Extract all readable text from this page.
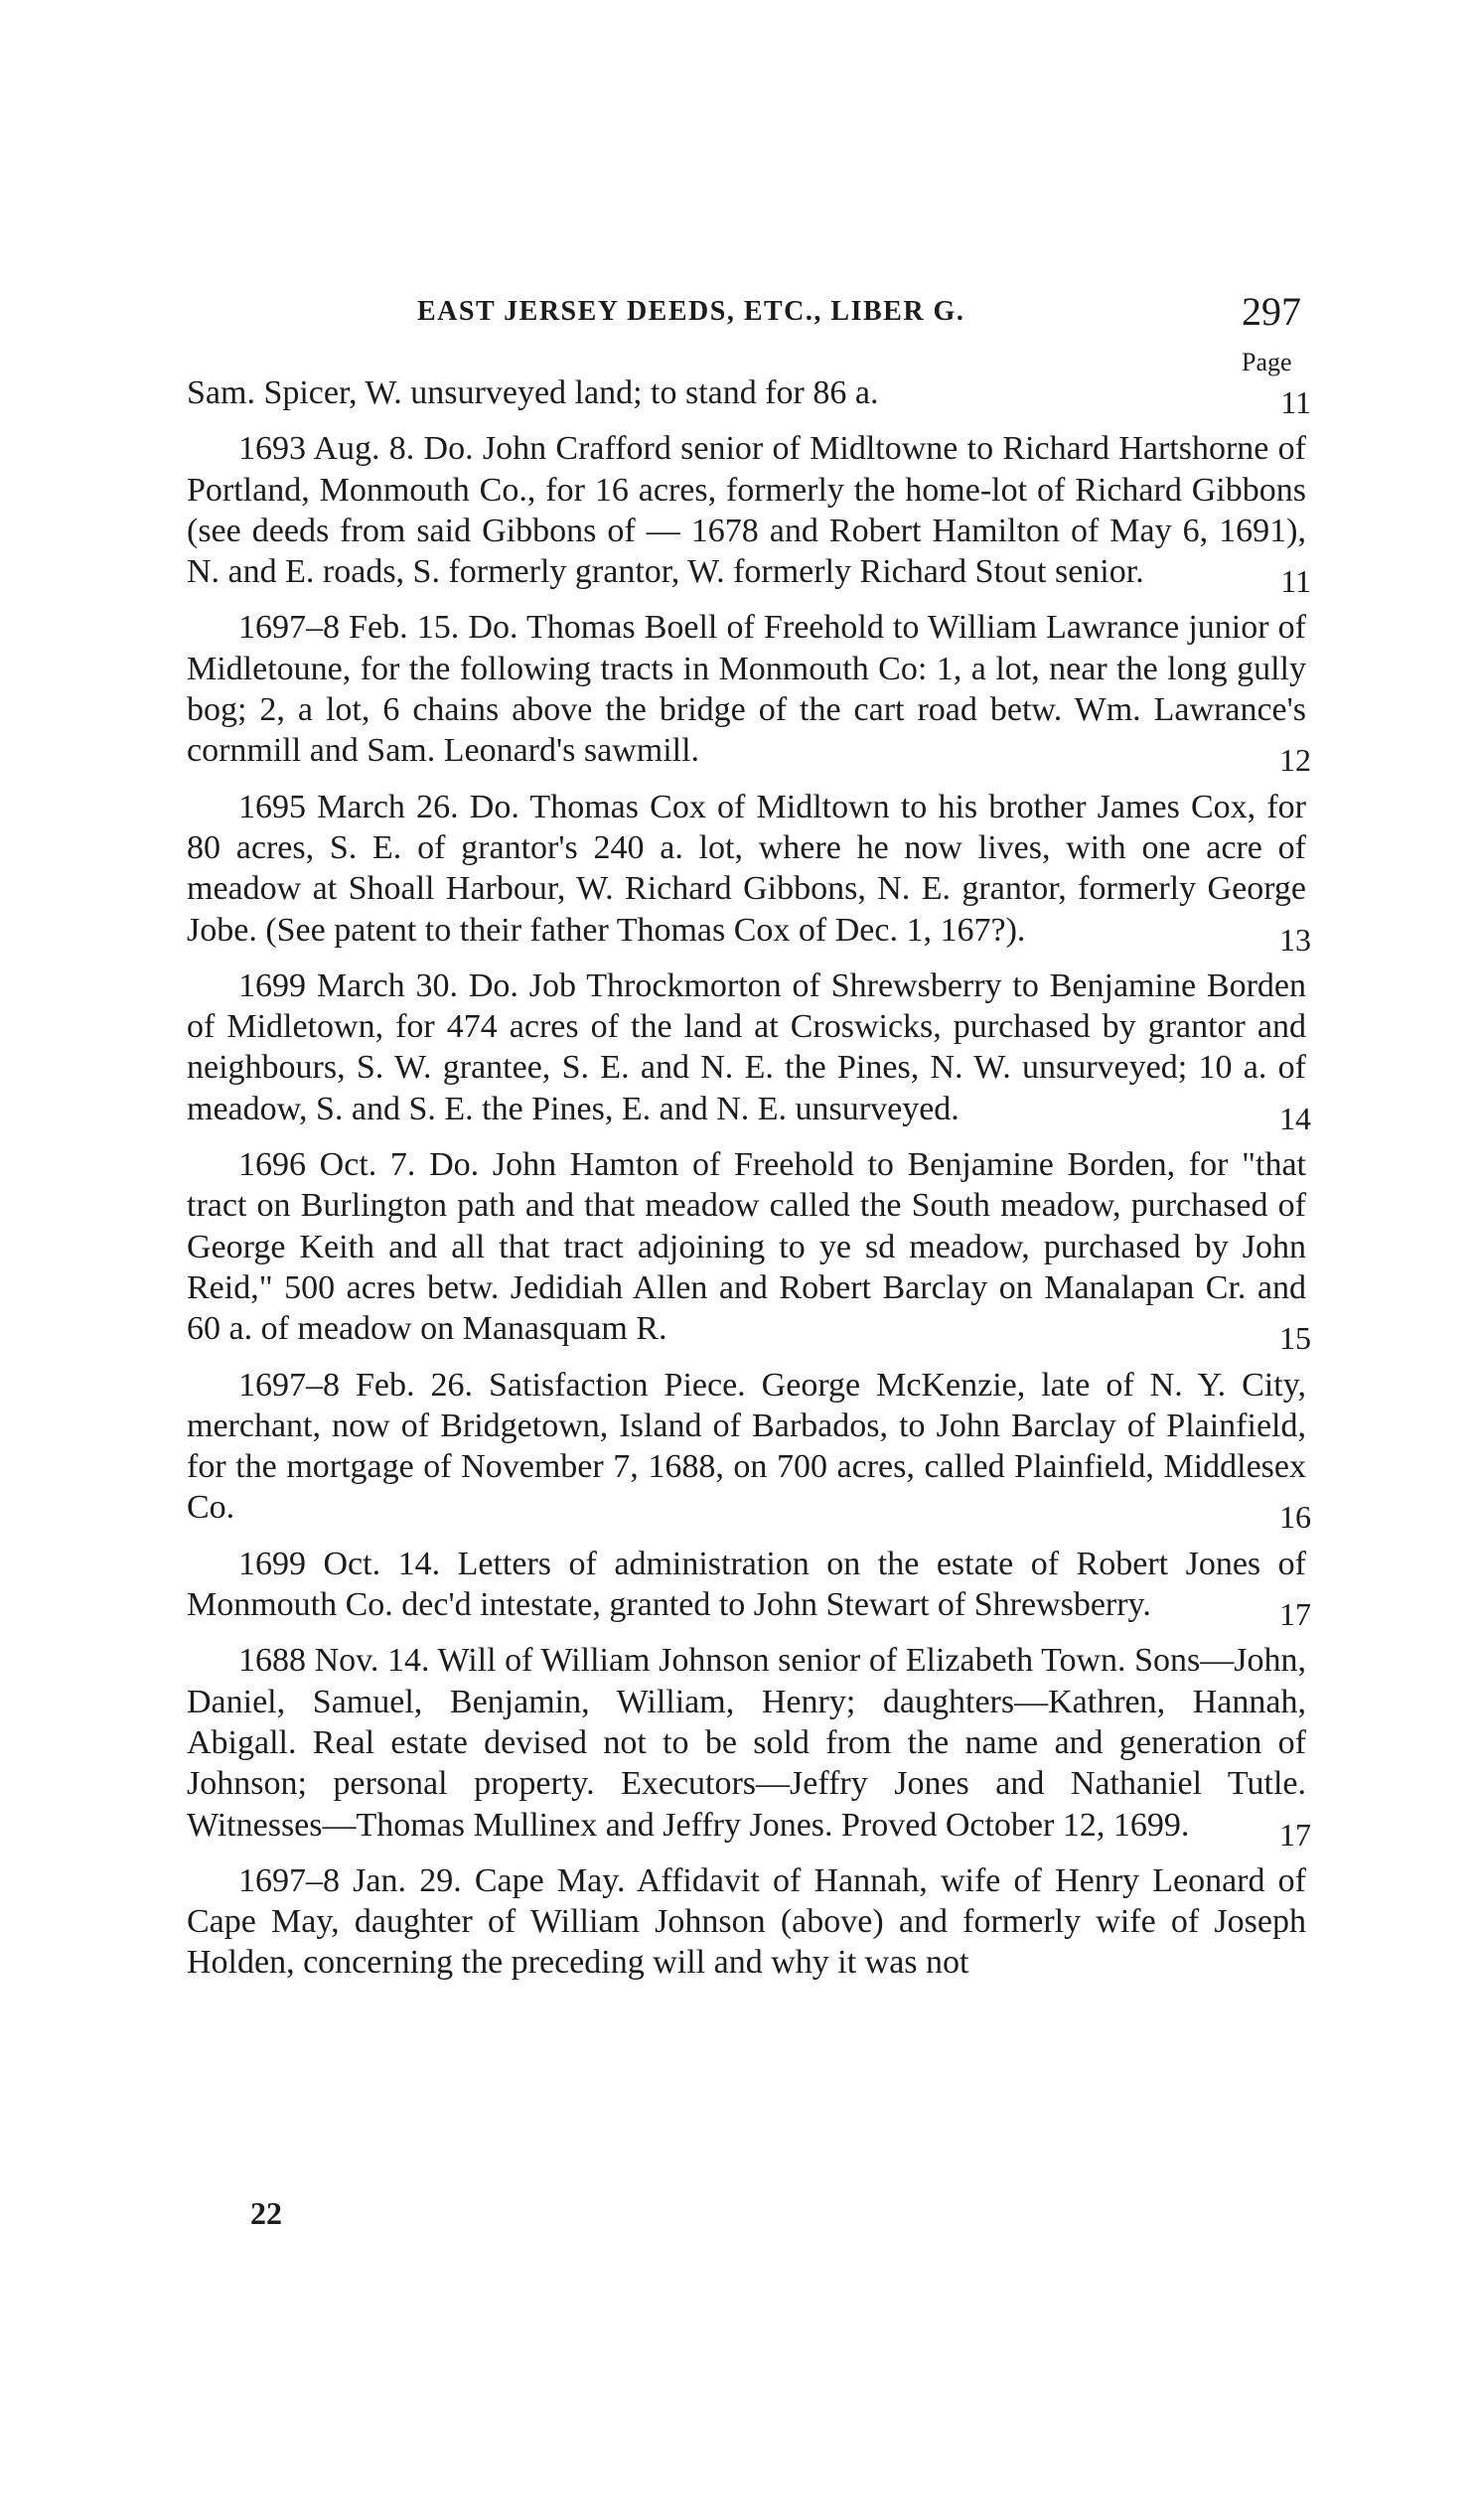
EAST JERSEY DEEDS, ETC., LIBER G.	297
Page

Sam. Spicer, W. unsurveyed land; to stand for 86 a.	11

1693 Aug. 8. Do. John Crafford senior of Midltowne to Richard Hartshorne of Portland, Monmouth Co., for 16 acres, formerly the home-lot of Richard Gibbons (see deeds from said Gibbons of — 1678 and Robert Hamilton of May 6, 1691), N. and E. roads, S. formerly grantor, W. formerly Richard Stout senior.	11

1697–8 Feb. 15. Do. Thomas Boell of Freehold to William Lawrance junior of Midletoune, for the following tracts in Monmouth Co: 1, a lot, near the long gully bog; 2, a lot, 6 chains above the bridge of the cart road betw. Wm. Lawrance's cornmill and Sam. Leonard's sawmill.	12

1695 March 26. Do. Thomas Cox of Midltown to his brother James Cox, for 80 acres, S. E. of grantor's 240 a. lot, where he now lives, with one acre of meadow at Shoall Harbour, W. Richard Gibbons, N. E. grantor, formerly George Jobe. (See patent to their father Thomas Cox of Dec. 1, 167?).	13

1699 March 30. Do. Job Throckmorton of Shrewsberry to Benjamine Borden of Midletown, for 474 acres of the land at Croswicks, purchased by grantor and neighbours, S. W. grantee, S. E. and N. E. the Pines, N. W. unsurveyed; 10 a. of meadow, S. and S. E. the Pines, E. and N. E. unsurveyed.	14

1696 Oct. 7. Do. John Hamton of Freehold to Benjamine Borden, for "that tract on Burlington path and that meadow called the South meadow, purchased of George Keith and all that tract adjoining to ye sd meadow, purchased by John Reid," 500 acres betw. Jedidiah Allen and Robert Barclay on Manalapan Cr. and 60 a. of meadow on Manasquam R.	15

1697–8 Feb. 26. Satisfaction Piece. George McKenzie, late of N. Y. City, merchant, now of Bridgetown, Island of Barbados, to John Barclay of Plainfield, for the mortgage of November 7, 1688, on 700 acres, called Plainfield, Middlesex Co.	16

1699 Oct. 14. Letters of administration on the estate of Robert Jones of Monmouth Co. dec'd intestate, granted to John Stewart of Shrewsberry.	17

1688 Nov. 14. Will of William Johnson senior of Elizabeth Town. Sons—John, Daniel, Samuel, Benjamin, William, Henry; daughters—Kathren, Hannah, Abigall. Real estate devised not to be sold from the name and generation of Johnson; personal property. Executors—Jeffry Jones and Nathaniel Tutle. Witnesses—Thomas Mullinex and Jeffry Jones. Proved October 12, 1699.	17

1697–8 Jan. 29. Cape May. Affidavit of Hannah, wife of Henry Leonard of Cape May, daughter of William Johnson (above) and formerly wife of Joseph Holden, concerning the preceding will and why it was not

22
